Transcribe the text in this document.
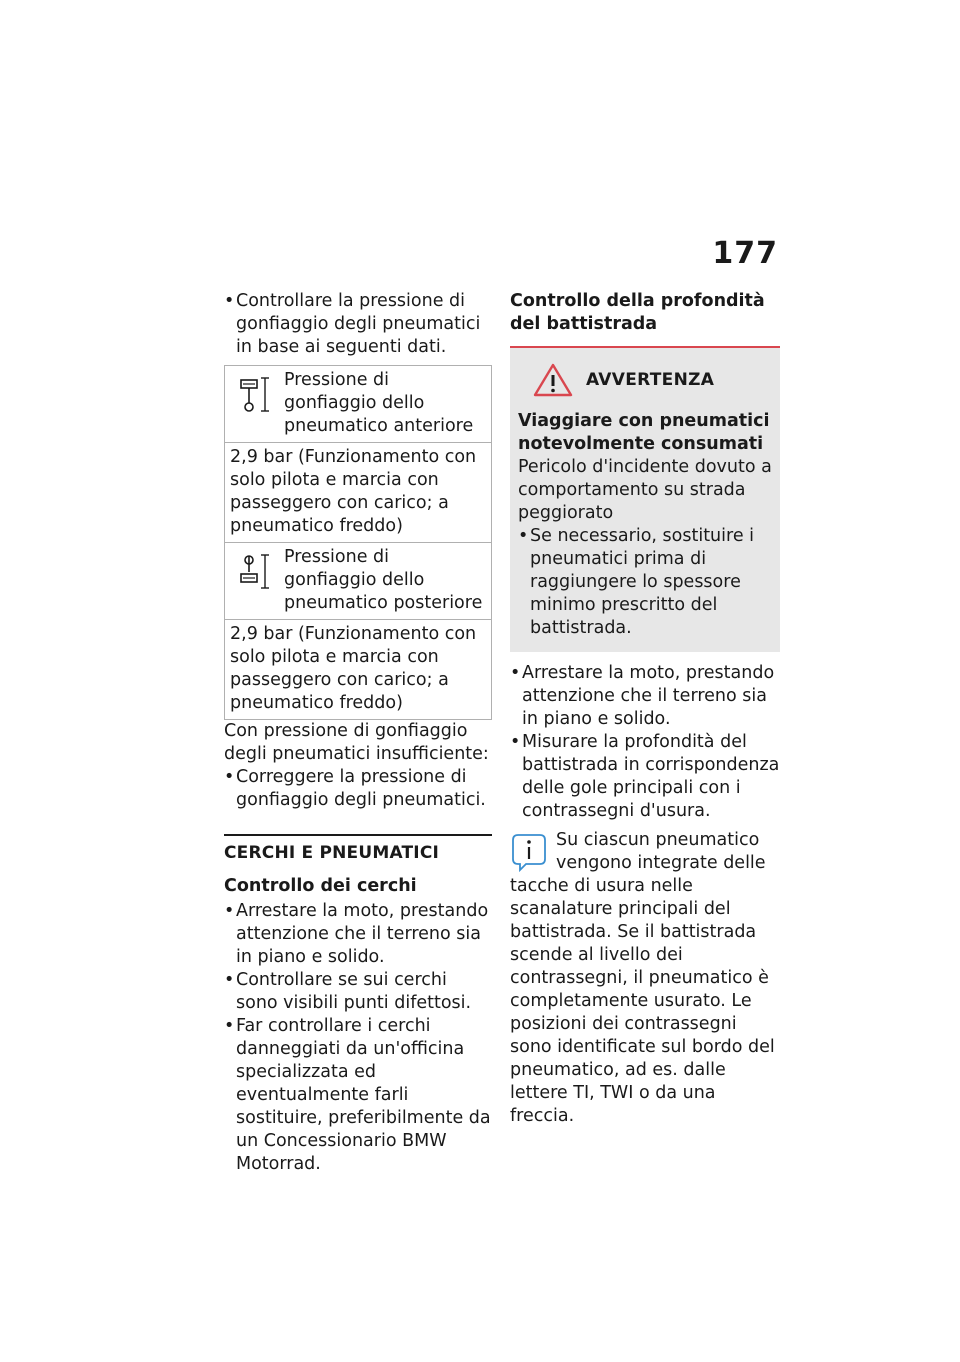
177
• Controllare la pressione di gonfiaggio degli pneumatici in base ai seguenti dati.
Pressione di gonfiaggio dello pneumatico anteriore
2,9 bar (Funzionamento con solo pilota e marcia con passeggero con carico; a pneumatico freddo)

Pressione di gonfiaggio dello pneumatico posteriore
2,9 bar (Funzionamento con solo pilota e marcia con passeggero con carico; a pneumatico freddo)

Con pressione di gonfiaggio degli pneumatici insufficiente:

• Correggere la pressione di gonfiaggio degli pneumatici.
CERCHI E PNEUMATICI
Controllo dei cerchi
• Arrestare la moto, prestando attenzione che il terreno sia in piano e solido.
• Controllare se sui cerchi sono visibili punti difettosi.
• Far controllare i cerchi danneggiati da un'officina specializzata ed eventualmente farli sostituire, preferibilmente da un Concessionario BMW Motorrad.
Controllo della profondità del battistrada
AVVERTENZA

Viaggiare con pneumatici notevolmente consumati

Pericolo d'incidente dovuto a comportamento su strada peggiorato

• Se necessario, sostituire i pneumatici prima di raggiungere lo spessore minimo prescritto del battistrada.
• Arrestare la moto, prestando attenzione che il terreno sia in piano e solido.
• Misurare la profondità del battistrada in corrispondenza delle gole principali con i contrassegni d'usura.
Su ciascun pneumatico vengono integrate delle tacche di usura nelle scanalature principali del battistrada. Se il battistrada scende al livello dei contrassegni, il pneumatico è completamente usurato. Le posizioni dei contrassegni sono identificate sul bordo del pneumatico, ad es. dalle lettere TI, TWI o da una freccia.
